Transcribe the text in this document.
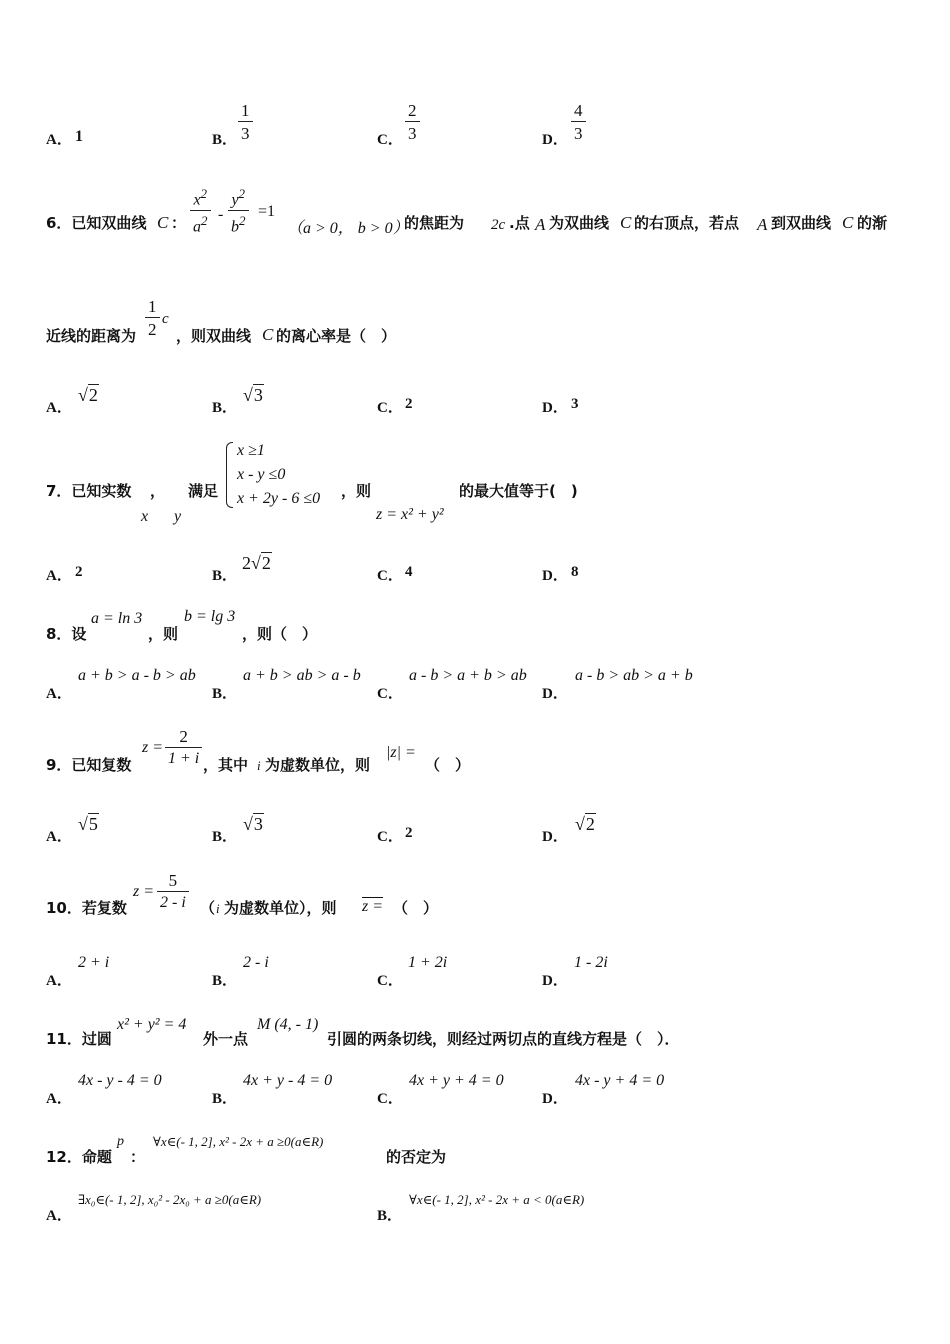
A． 1	B． $\frac{1}{3}$	C． $\frac{2}{3}$	D． $\frac{4}{3}$
6．已知双曲线 C ： $\frac{x^2}{a^2} - \frac{y^2}{b^2} =1$
（a > 0， b > 0）
的焦距为 2c .点 A 为双曲线 C 的右顶点，若点 A 到双曲线 C 的渐
近线的距离为 $\frac{1}{2}$ c
，则双曲线 C 的离心率是（　）
A．
√2
B．
√3
C． 2	D． 3
7．已知实数 ， 满足
x y
x ≥1
x - y ≤0
x + 2y - 6 ≤0 ，则
z = x² + y²
的最大值等于(　)
A． 2	B．
2√2
C． 4	D． 8
8．设
a = ln 3
，则
b = lg 3
，则（　）
A．
a + b > a - b > ab
B．
a + b > ab > a - b
C．
a - b > a + b > ab
D．
a - b > ab > a + b
9．已知复数
$z = \frac{2}{1 + i}$ ，其中 i 为虚数单位，则
|z| =
（　）
A．
√5
B．
√3
C． 2	D．
√2
10．若复数
$z = \frac{5}{2 - i}$ （ i 为虚数单位），则 z = （　）
A．
2 + i
B．
2 - i
C．
1 + 2i
D．
1 - 2i
11．过圆
x² + y² = 4
外一点
M (4, - 1)
引圆的两条切线，则经过两切点的直线方程是（　）．
A．
4x - y - 4 = 0
B．
4x + y - 4 = 0
C．
4x + y + 4 = 0
D．
4x - y + 4 = 0
12．命题
p
：
∀x∈(- 1, 2], x² - 2x + a ≥0(a∈R)
的否定为
A．
∃x₀∈(- 1, 2], x₀² - 2x₀ + a ≥0(a∈R)
B．
∀x∈(- 1, 2], x² - 2x + a < 0(a∈R)
